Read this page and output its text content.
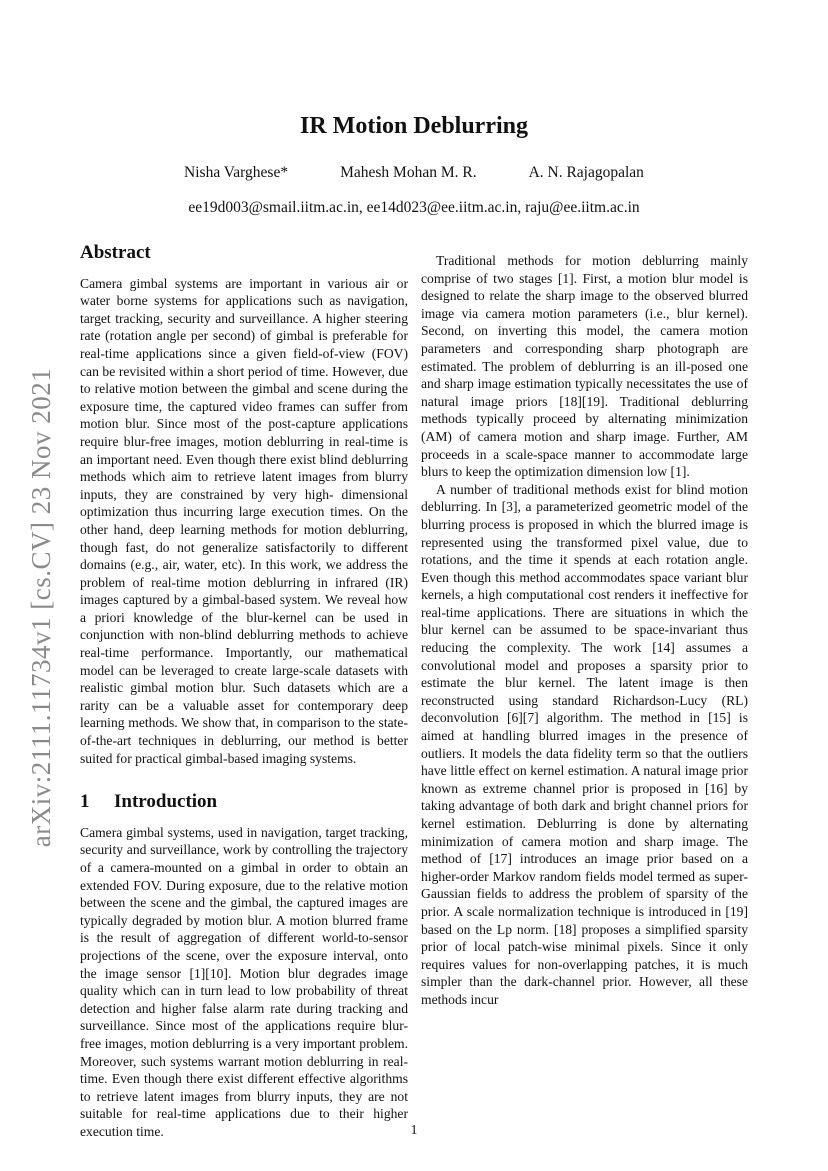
arXiv:2111.11734v1 [cs.CV] 23 Nov 2021
IR Motion Deblurring
Nisha Varghese*	Mahesh Mohan M. R.	A. N. Rajagopalan
ee19d003@smail.iitm.ac.in, ee14d023@ee.iitm.ac.in, raju@ee.iitm.ac.in
Abstract

Camera gimbal systems are important in various air or water borne systems for applications such as navigation, target tracking, security and surveillance. A higher steering rate (rotation angle per second) of gimbal is preferable for real-time applications since a given field-of-view (FOV) can be revisited within a short period of time. However, due to relative motion between the gimbal and scene during the exposure time, the captured video frames can suffer from motion blur. Since most of the post-capture applications require blur-free images, motion deblurring in real-time is an important need. Even though there exist blind deblurring methods which aim to retrieve latent images from blurry inputs, they are constrained by very high- dimensional optimization thus incurring large execution times. On the other hand, deep learning methods for motion deblurring, though fast, do not generalize satisfactorily to different domains (e.g., air, water, etc). In this work, we address the problem of real-time motion deblurring in infrared (IR) images captured by a gimbal-based system. We reveal how a priori knowledge of the blur-kernel can be used in conjunction with non-blind deblurring methods to achieve real-time performance. Importantly, our mathematical model can be leveraged to create large-scale datasets with realistic gimbal motion blur. Such datasets which are a rarity can be a valuable asset for contemporary deep learning methods. We show that, in comparison to the state-of-the-art techniques in deblurring, our method is better suited for practical gimbal-based imaging systems.

1 Introduction

Camera gimbal systems, used in navigation, target tracking, security and surveillance, work by controlling the trajectory of a camera-mounted on a gimbal in order to obtain an extended FOV. During exposure, due to the relative motion between the scene and the gimbal, the captured images are typically degraded by motion blur. A motion blurred frame is the result of aggregation of different world-to-sensor projections of the scene, over the exposure interval, onto the image sensor [1][10]. Motion blur degrades image quality which can in turn lead to low probability of threat detection and higher false alarm rate during tracking and surveillance. Since most of the applications require blur-free images, motion deblurring is a very important problem. Moreover, such systems warrant motion deblurring in real-time. Even though there exist different effective algorithms to retrieve latent images from blurry inputs, they are not suitable for real-time applications due to their higher execution time.

Traditional methods for motion deblurring mainly comprise of two stages [1]. First, a motion blur model is designed to relate the sharp image to the observed blurred image via camera motion parameters (i.e., blur kernel). Second, on inverting this model, the camera motion parameters and corresponding sharp photograph are estimated. The problem of deblurring is an ill-posed one and sharp image estimation typically necessitates the use of natural image priors [18][19]. Traditional deblurring methods typically proceed by alternating minimization (AM) of camera motion and sharp image. Further, AM proceeds in a scale-space manner to accommodate large blurs to keep the optimization dimension low [1].

A number of traditional methods exist for blind motion deblurring. In [3], a parameterized geometric model of the blurring process is proposed in which the blurred image is represented using the transformed pixel value, due to rotations, and the time it spends at each rotation angle. Even though this method accommodates space variant blur kernels, a high computational cost renders it ineffective for real-time applications. There are situations in which the blur kernel can be assumed to be space-invariant thus reducing the complexity. The work [14] assumes a convolutional model and proposes a sparsity prior to estimate the blur kernel. The latent image is then reconstructed using standard Richardson-Lucy (RL) deconvolution [6][7] algorithm. The method in [15] is aimed at handling blurred images in the presence of outliers. It models the data fidelity term so that the outliers have little effect on kernel estimation. A natural image prior known as extreme channel prior is proposed in [16] by taking advantage of both dark and bright channel priors for kernel estimation. Deblurring is done by alternating minimization of camera motion and sharp image. The method of [17] introduces an image prior based on a higher-order Markov random fields model termed as super-Gaussian fields to address the problem of sparsity of the prior. A scale normalization technique is introduced in [19] based on the Lp norm. [18] proposes a simplified sparsity prior of local patch-wise minimal pixels. Since it only requires values for non-overlapping patches, it is much simpler than the dark-channel prior. However, all these methods incur

1
